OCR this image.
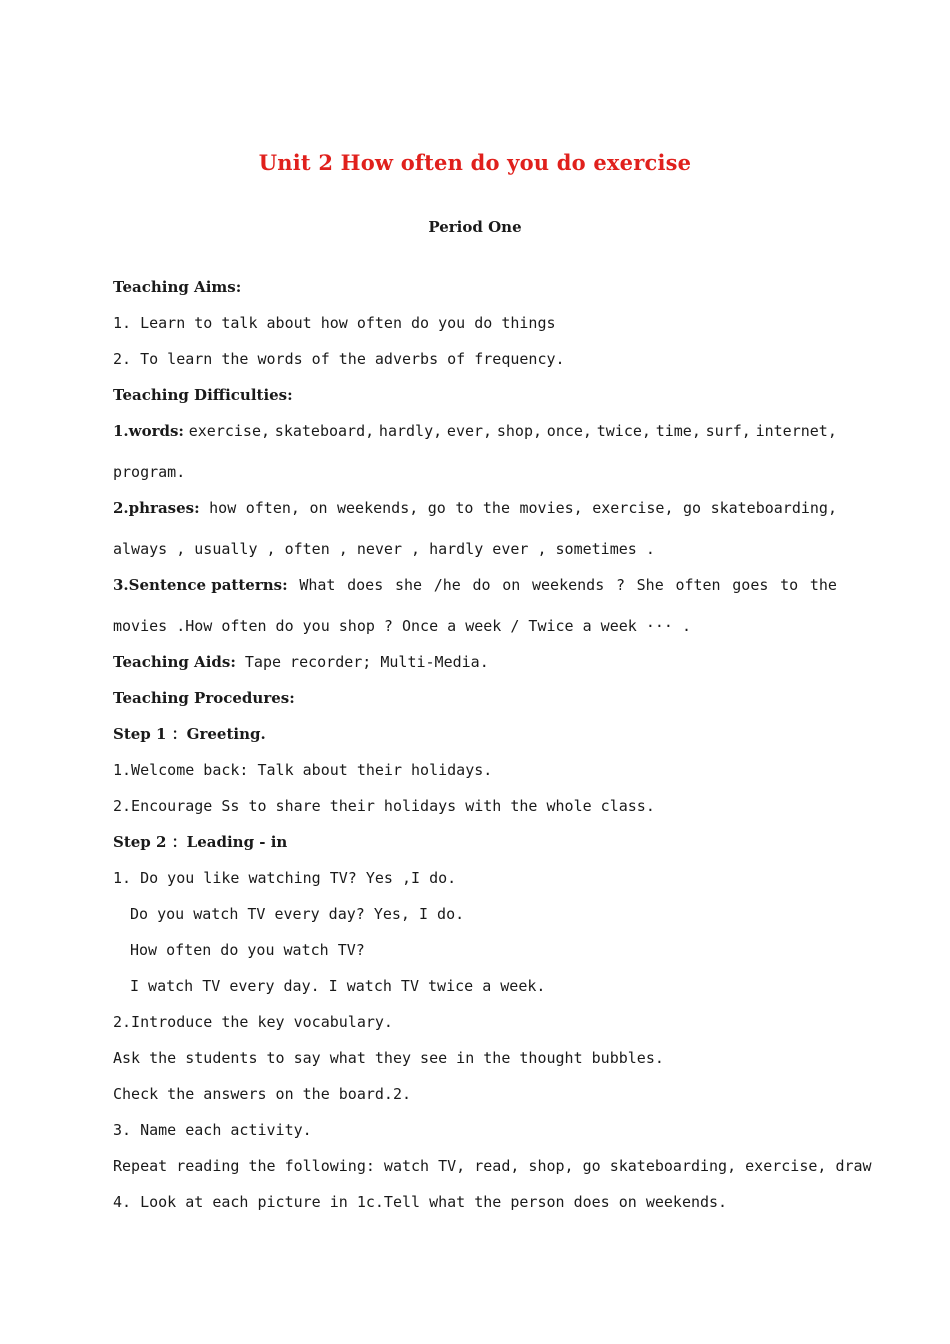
Unit 2 How often do you do exercise
Period One
Teaching Aims:
1. Learn to talk about how often do you do things
2. To learn the words of the adverbs of frequency.
Teaching Difficulties:
1.words: exercise, skateboard, hardly, ever, shop, once, twice, time, surf, internet,
program.
2.phrases: how often, on weekends, go to the movies, exercise, go skateboarding,
always , usually , often , never , hardly ever , sometimes .
3.Sentence patterns: What does she /he do on weekends ? She often goes to the
movies .How often do you shop ? Once a week / Twice a week ··· .
Teaching Aids: Tape recorder; Multi-Media.
Teaching Procedures:
Step 1 ：Greeting.
1.Welcome back: Talk about their holidays.
2.Encourage Ss to share their holidays with the whole class.
Step 2 ：Leading - in
1. Do you like watching TV? Yes ,I do.
Do you watch TV every day? Yes, I do.
How often do you watch TV?
I watch TV every day. I watch TV twice a week.
2.Introduce the key vocabulary.
Ask the students to say what they see in the thought bubbles.
Check the answers on the board.2.
3. Name each activity.
Repeat reading the following: watch TV, read, shop, go skateboarding, exercise, draw
4. Look at each picture in 1c.Tell what the person does on weekends.
